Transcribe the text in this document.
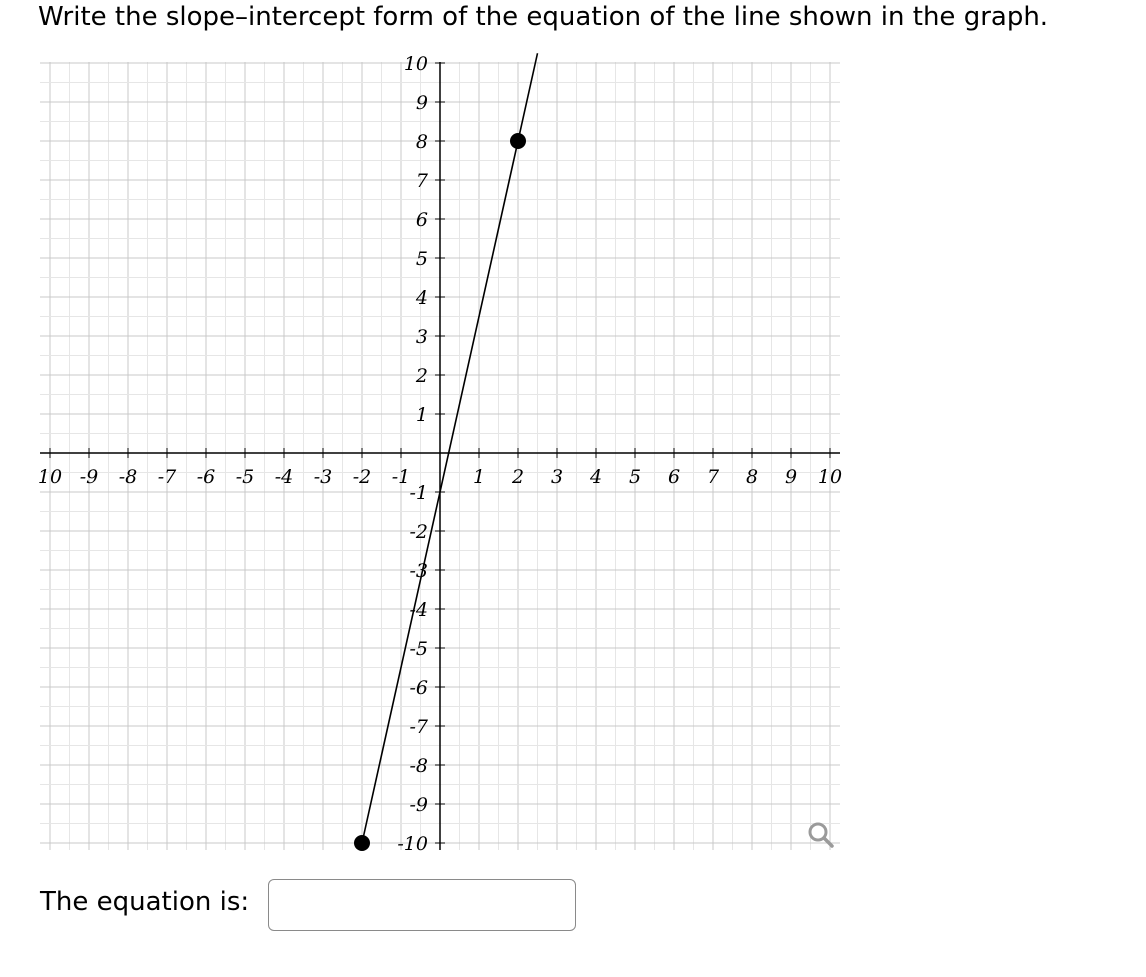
Write the slope–intercept form of the equation of the line shown in the graph.
10 -9 -8 -7 -6 -5 -4 -3 -2 -1	1 2 3 4 5 6 7 8 9 10
10
9
8
7
6
5
4
3
2
1
-1
-2
-3
-4
-5
-6
-7
-8
-9
-10
The equation is:
